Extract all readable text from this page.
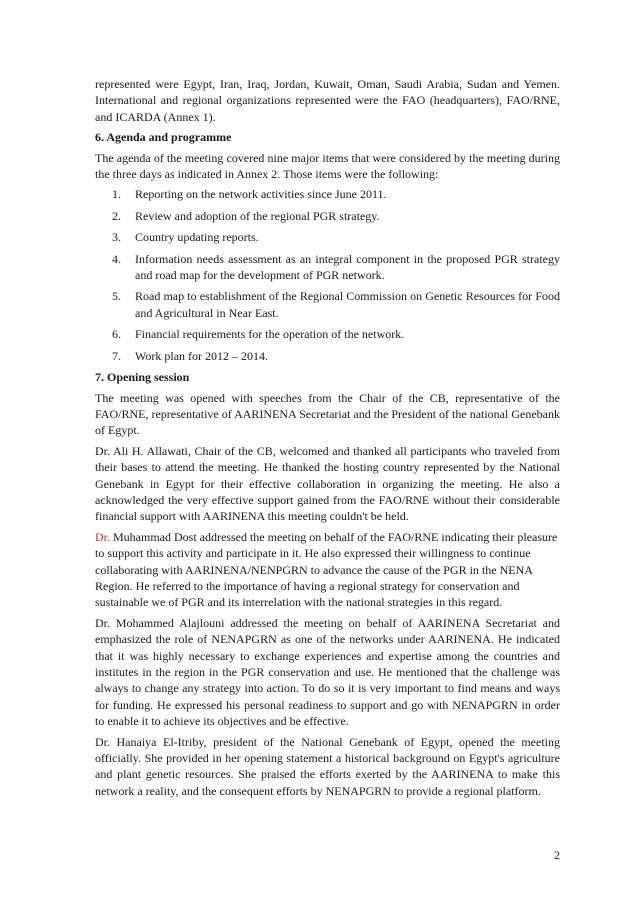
represented were Egypt, Iran, Iraq, Jordan, Kuwait, Oman, Saudi Arabia, Sudan and Yemen. International and regional organizations represented were the FAO (headquarters), FAO/RNE, and ICARDA (Annex 1).

6. Agenda and programme

The agenda of the meeting covered nine major items that were considered by the meeting during the three days as indicated in Annex 2. Those items were the following:

1.	Reporting on the network activities since June 2011.
2.	Review and adoption of the regional PGR strategy.
3.	Country updating reports.
4.	Information needs assessment as an integral component in the proposed PGR strategy and road map for the development of PGR network.
5.	Road map to establishment of the Regional Commission on Genetic Resources for Food and Agricultural in Near East.
6.	Financial requirements for the operation of the network.
7.	Work plan for 2012 – 2014.
7. Opening session

The meeting was opened with speeches from the Chair of the CB, representative of the FAO/RNE, representative of AARINENA Secretariat and the President of the national Genebank of Egypt.

Dr. Ali H. Allawati, Chair of the CB, welcomed and thanked all participants who traveled from their bases to attend the meeting. He thanked the hosting country represented by the National Genebank in Egypt for their effective collaboration in organizing the meeting. He also a acknowledged the very effective support gained from the FAO/RNE without their considerable financial support with AARINENA this meeting couldn't be held.

Dr. Muhammad Dost addressed the meeting on behalf of the FAO/RNE indicating their pleasure to support this activity and participate in it. He also expressed their willingness to continue collaborating with AARINENA/NENPGRN to advance the cause of the PGR in the NENA Region. He referred to the importance of having a regional strategy for conservation and sustainable we of PGR and its interrelation with the national strategies in this regard.

Dr. Mohammed Alajlouni addressed the meeting on behalf of AARINENA Secretariat and emphasized the role of NENAPGRN as one of the networks under AARINENA. He indicated that it was highly necessary to exchange experiences and expertise among the countries and institutes in the region in the PGR conservation and use. He mentioned that the challenge was always to change any strategy into action. To do so it is very important to find means and ways for funding. He expressed his personal readiness to support and go with NENAPGRN in order to enable it to achieve its objectives and be effective.

Dr. Hanaiya El-Itriby, president of the National Genebank of Egypt, opened the meeting officially. She provided in her opening statement a historical background on Egypt's agriculture and plant genetic resources. She praised the efforts exerted by the AARINENA to make this network a reality, and the consequent efforts by NENAPGRN to provide a regional platform.

2
